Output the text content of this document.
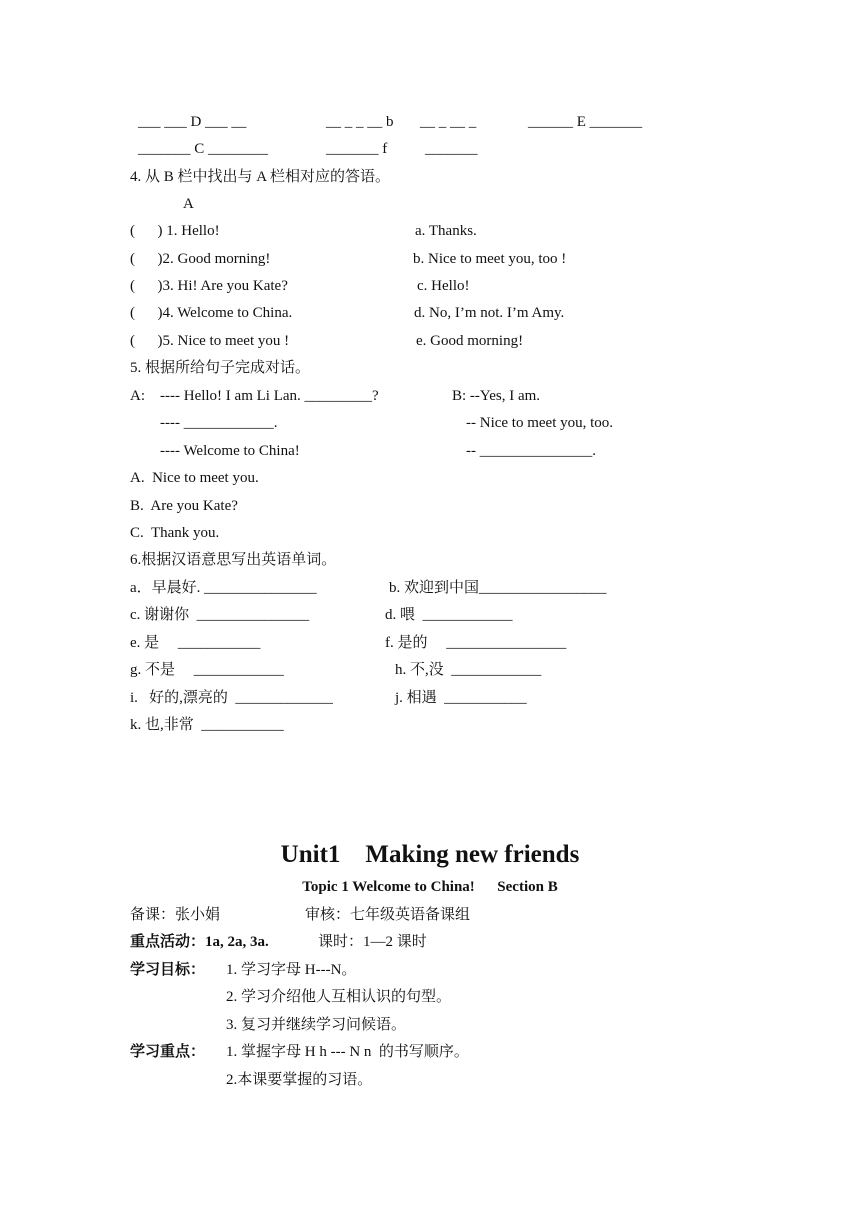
___ ___ D ___ __	__ _ _ __ b __ _ __ _	______ E _______
_______ C ________	_______ f	_______
4. 从 B 栏中找出与 A 栏相对应的答语。
A
(      ) 1. Hello!	a. Thanks.
(      )2. Good morning!	b. Nice to meet you, too !
(      )3. Hi! Are you Kate?	c. Hello!
(      )4. Welcome to China.	d. No, I’m not. I’m Amy.
(      )5. Nice to meet you !	e. Good morning!
5. 根据所给句子完成对话。
A:    ---- Hello! I am Li Lan. _________?	B: --Yes, I am.
---- ____________.	-- Nice to meet you, too.
---- Welcome to China!	-- _______________.
A.  Nice to meet you.
B.  Are you Kate?
C.  Thank you.
6.根据汉语意思写出英语单词。
a．早晨好. _______________	b. 欢迎到中国_________________
c. 谢谢你  _______________	d. 喂  ____________
e. 是     ___________	f. 是的     ________________
g. 不是     ____________	h. 不,没  ____________
i.   好的,漂亮的  _____________	j. 相遇  ___________
k. 也,非常  ___________
Unit1    Making new friends
Topic 1 Welcome to China!      Section B
备课：张小娟	审核：七年级英语备课组
重点活动：1a, 2a, 3a.	课时：1—2 课时
学习目标： 1. 学习字母 H---N。
2. 学习介绍他人互相认识的句型。
3. 复习并继续学习问候语。
学习重点： 1. 掌握字母 H h --- N n  的书写顺序。
2.本课要掌握的习语。
